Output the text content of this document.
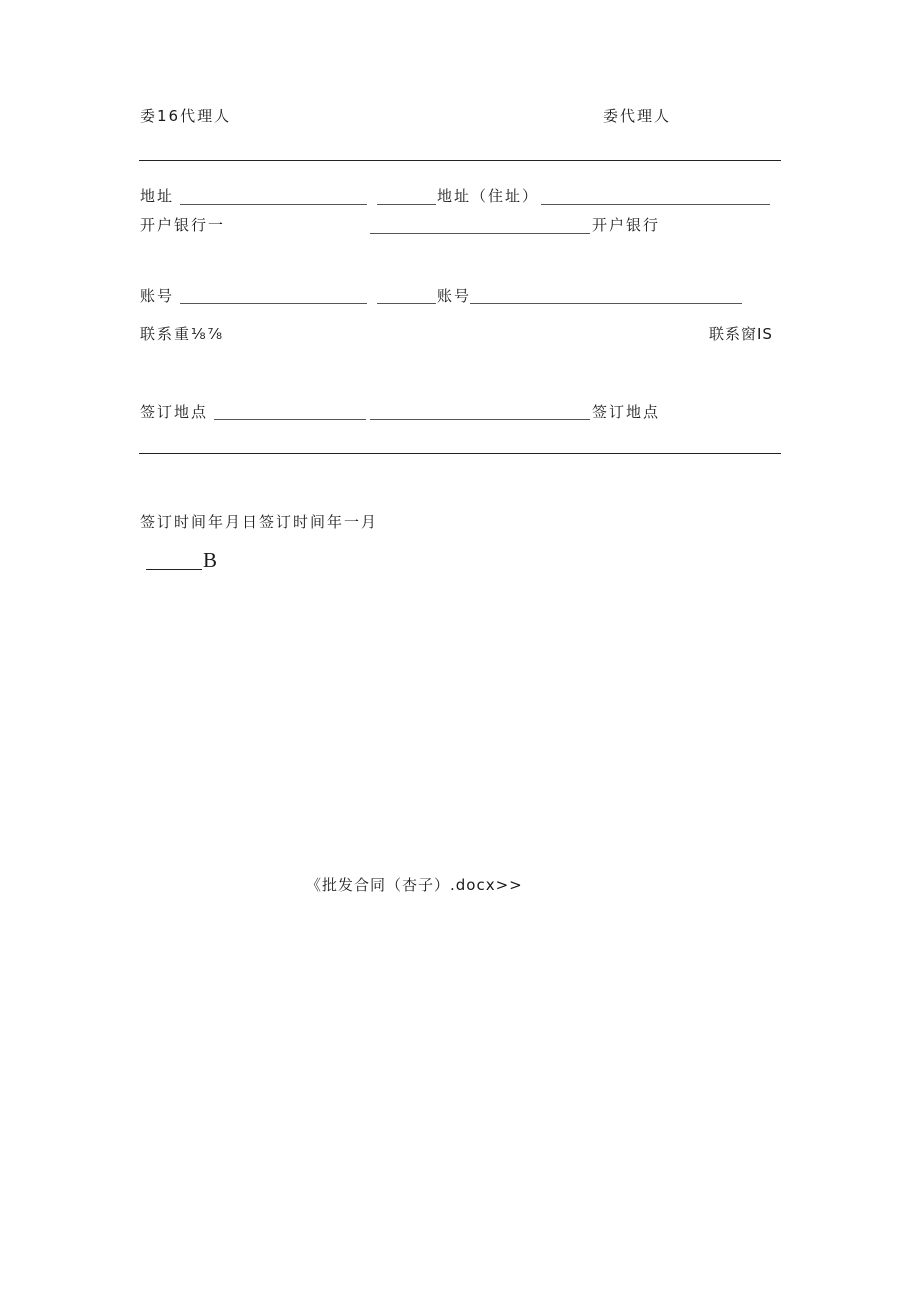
委16代理人	委代理人
地址	地址（住址）
开户银行一	开户银行
账号	账号
联系重⅛⅞	联系窗IS
签订地点	签订地点
签订时间年月日签订时间年一月
B
《批发合同（杏子）.docx>>
